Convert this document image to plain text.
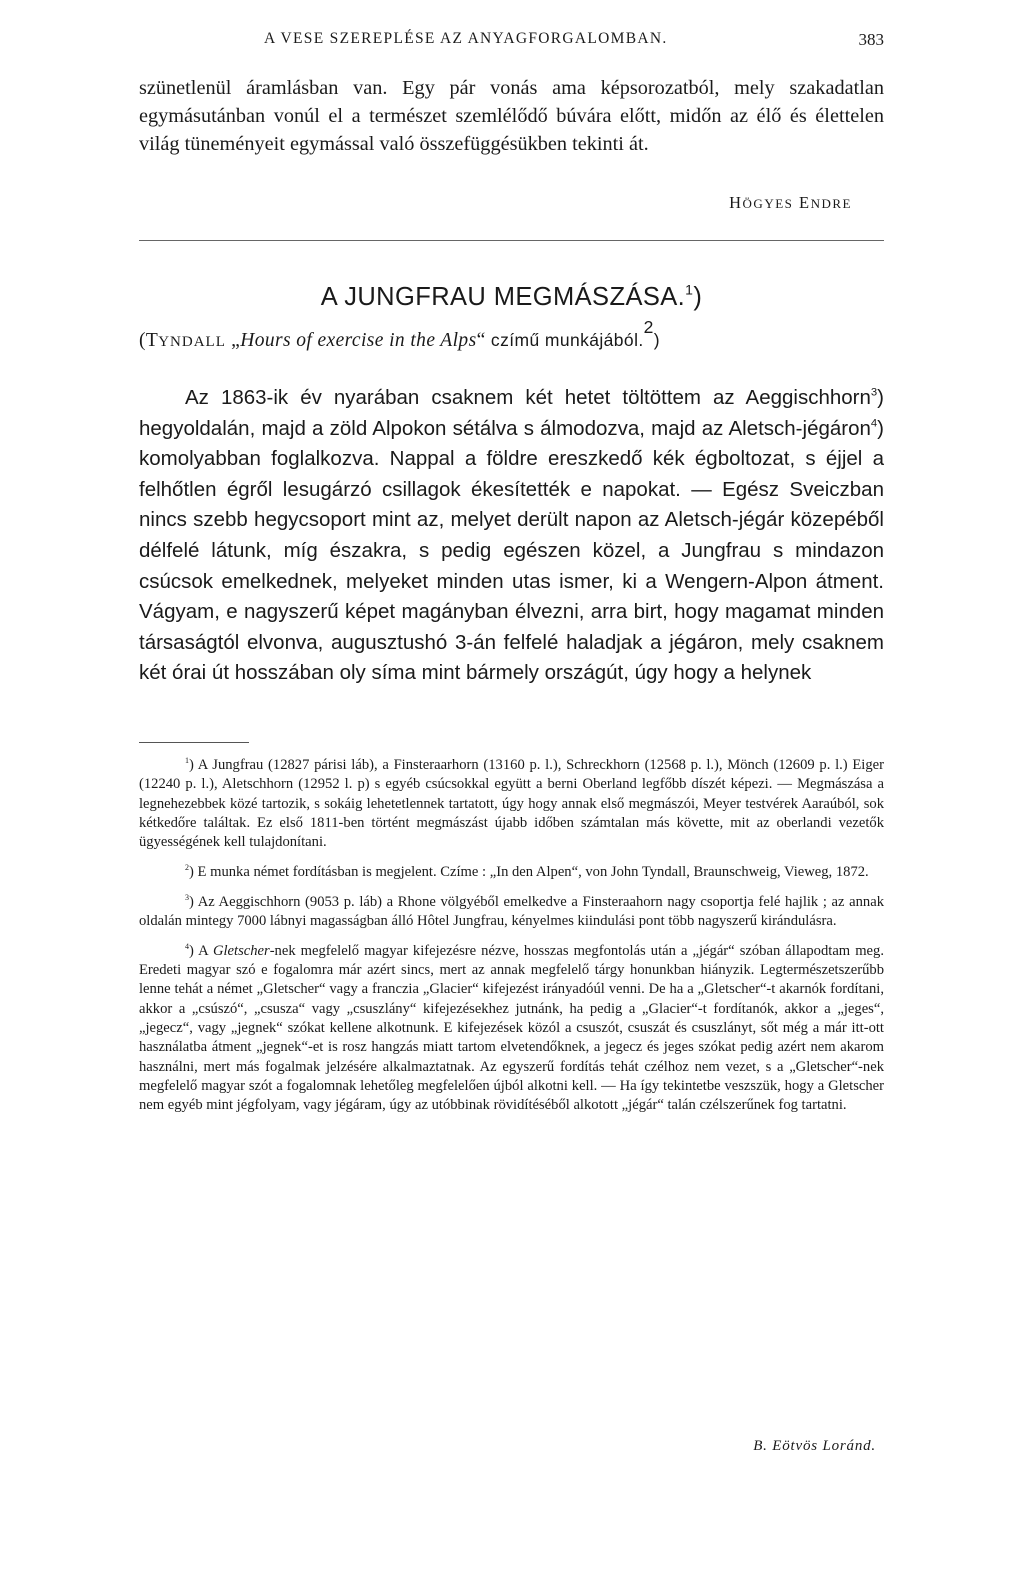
A VESE SZEREPLÉSE AZ ANYAGFORGALOMBAN.	383

szünetlenül áramlásban van. Egy pár vonás ama képsorozatból, mely szakadatlan egymásutánban vonúl el a természet szemlélődő búvára előtt, midőn az élő és élettelen világ tüneményeit egymással való összefüggésükben tekinti át.

HÖGYES ENDRE
A JUNGFRAU MEGMÁSZÁSA.$^1$)
(TYNDALL „Hours of exercise in the Alps“ czímű munkájából.2)

Az 1863-ik év nyarában csaknem két hetet töltöttem az Aeggischhorn$^3$) hegyoldalán, majd a zöld Alpokon sétálva s álmodozva, majd az Aletsch-jégáron$^4$) komolyabban foglalkozva. Nappal a földre ereszkedő kék égboltozat, s éjjel a felhőtlen égről lesugárzó csillagok ékesítették e napokat. — Egész Sveiczban nincs szebb hegycsoport mint az, melyet derült napon az Aletsch-jégár közepéből délfelé látunk, míg északra, s pedig egészen közel, a Jungfrau s mindazon csúcsok emelkednek, melyeket minden utas ismer, ki a Wengern-Alpon átment. Vágyam, e nagyszerű képet magányban élvezni, arra birt, hogy magamat minden társaságtól elvonva, augusztushó 3-án felfelé haladjak a jégáron, mely csaknem két órai út hosszában oly síma mint bármely országút, úgy hogy a helynek

$^1$) A Jungfrau (12827 párisi láb), a Finsteraarhorn (13160 p. l.), Schreckhorn (12568 p. l.), Mönch (12609 p. l.) Eiger (12240 p. l.), Aletschhorn (12952 l. p) s egyéb csúcsokkal együtt a berni Oberland legfőbb díszét képezi. — Megmászása a legnehezebbek közé tartozik, s sokáig lehetetlennek tartatott, úgy hogy annak első megmászói, Meyer testvérek Aaraúból, sok kétkedőre találtak. Ez első 1811-ben történt megmászást újabb időben számtalan más követte, mit az oberlandi vezetők ügyességének kell tulajdonítani.

$^2$) E munka német fordításban is megjelent. Czíme : „In den Alpen“, von John Tyndall, Braunschweig, Vieweg, 1872.

$^3$) Az Aeggischhorn (9053 p. láb) a Rhone völgyéből emelkedve a Finsteraahorn nagy csoportja felé hajlik ; az annak oldalán mintegy 7000 lábnyi magasságban álló Hôtel Jungfrau, kényelmes kiindulási pont több nagyszerű kirándulásra.

$^4$) A Gletscher-nek megfelelő magyar kifejezésre nézve, hosszas megfontolás után a „jégár“ szóban állapodtam meg. Eredeti magyar szó e fogalomra már azért sincs, mert az annak megfelelő tárgy honunkban hiányzik. Legtermészetszerűbb lenne tehát a német „Gletscher“ vagy a franczia „Glacier“ kifejezést irányadóúl venni. De ha a „Gletscher“-t akarnók fordítani, akkor a „csúszó“, „csusza“ vagy „csuszlány“ kifejezésekhez jutnánk, ha pedig a „Glacier“-t fordítanók, akkor a „jeges“, „jegecz“, vagy „jegnek“ szókat kellene alkotnunk. E kifejezések közól a csuszót, csuszát és csuszlányt, sőt még a már itt-ott használatba átment „jegnek“-et is rosz hangzás miatt tartom elvetendőknek, a jegecz és jeges szókat pedig azért nem akarom használni, mert más fogalmak jelzésére alkalmaztatnak. Az egyszerű fordítás tehát czélhoz nem vezet, s a „Gletscher“-nek megfelelő magyar szót a fogalomnak lehetőleg megfelelően újból alkotni kell. — Ha így tekintetbe veszszük, hogy a Gletscher nem egyéb mint jégfolyam, vagy jégáram, úgy az utóbbinak rövidítéséből alkotott „jégár“ talán czélszerűnek fog tartatni.

B. Eötvös Loránd.
